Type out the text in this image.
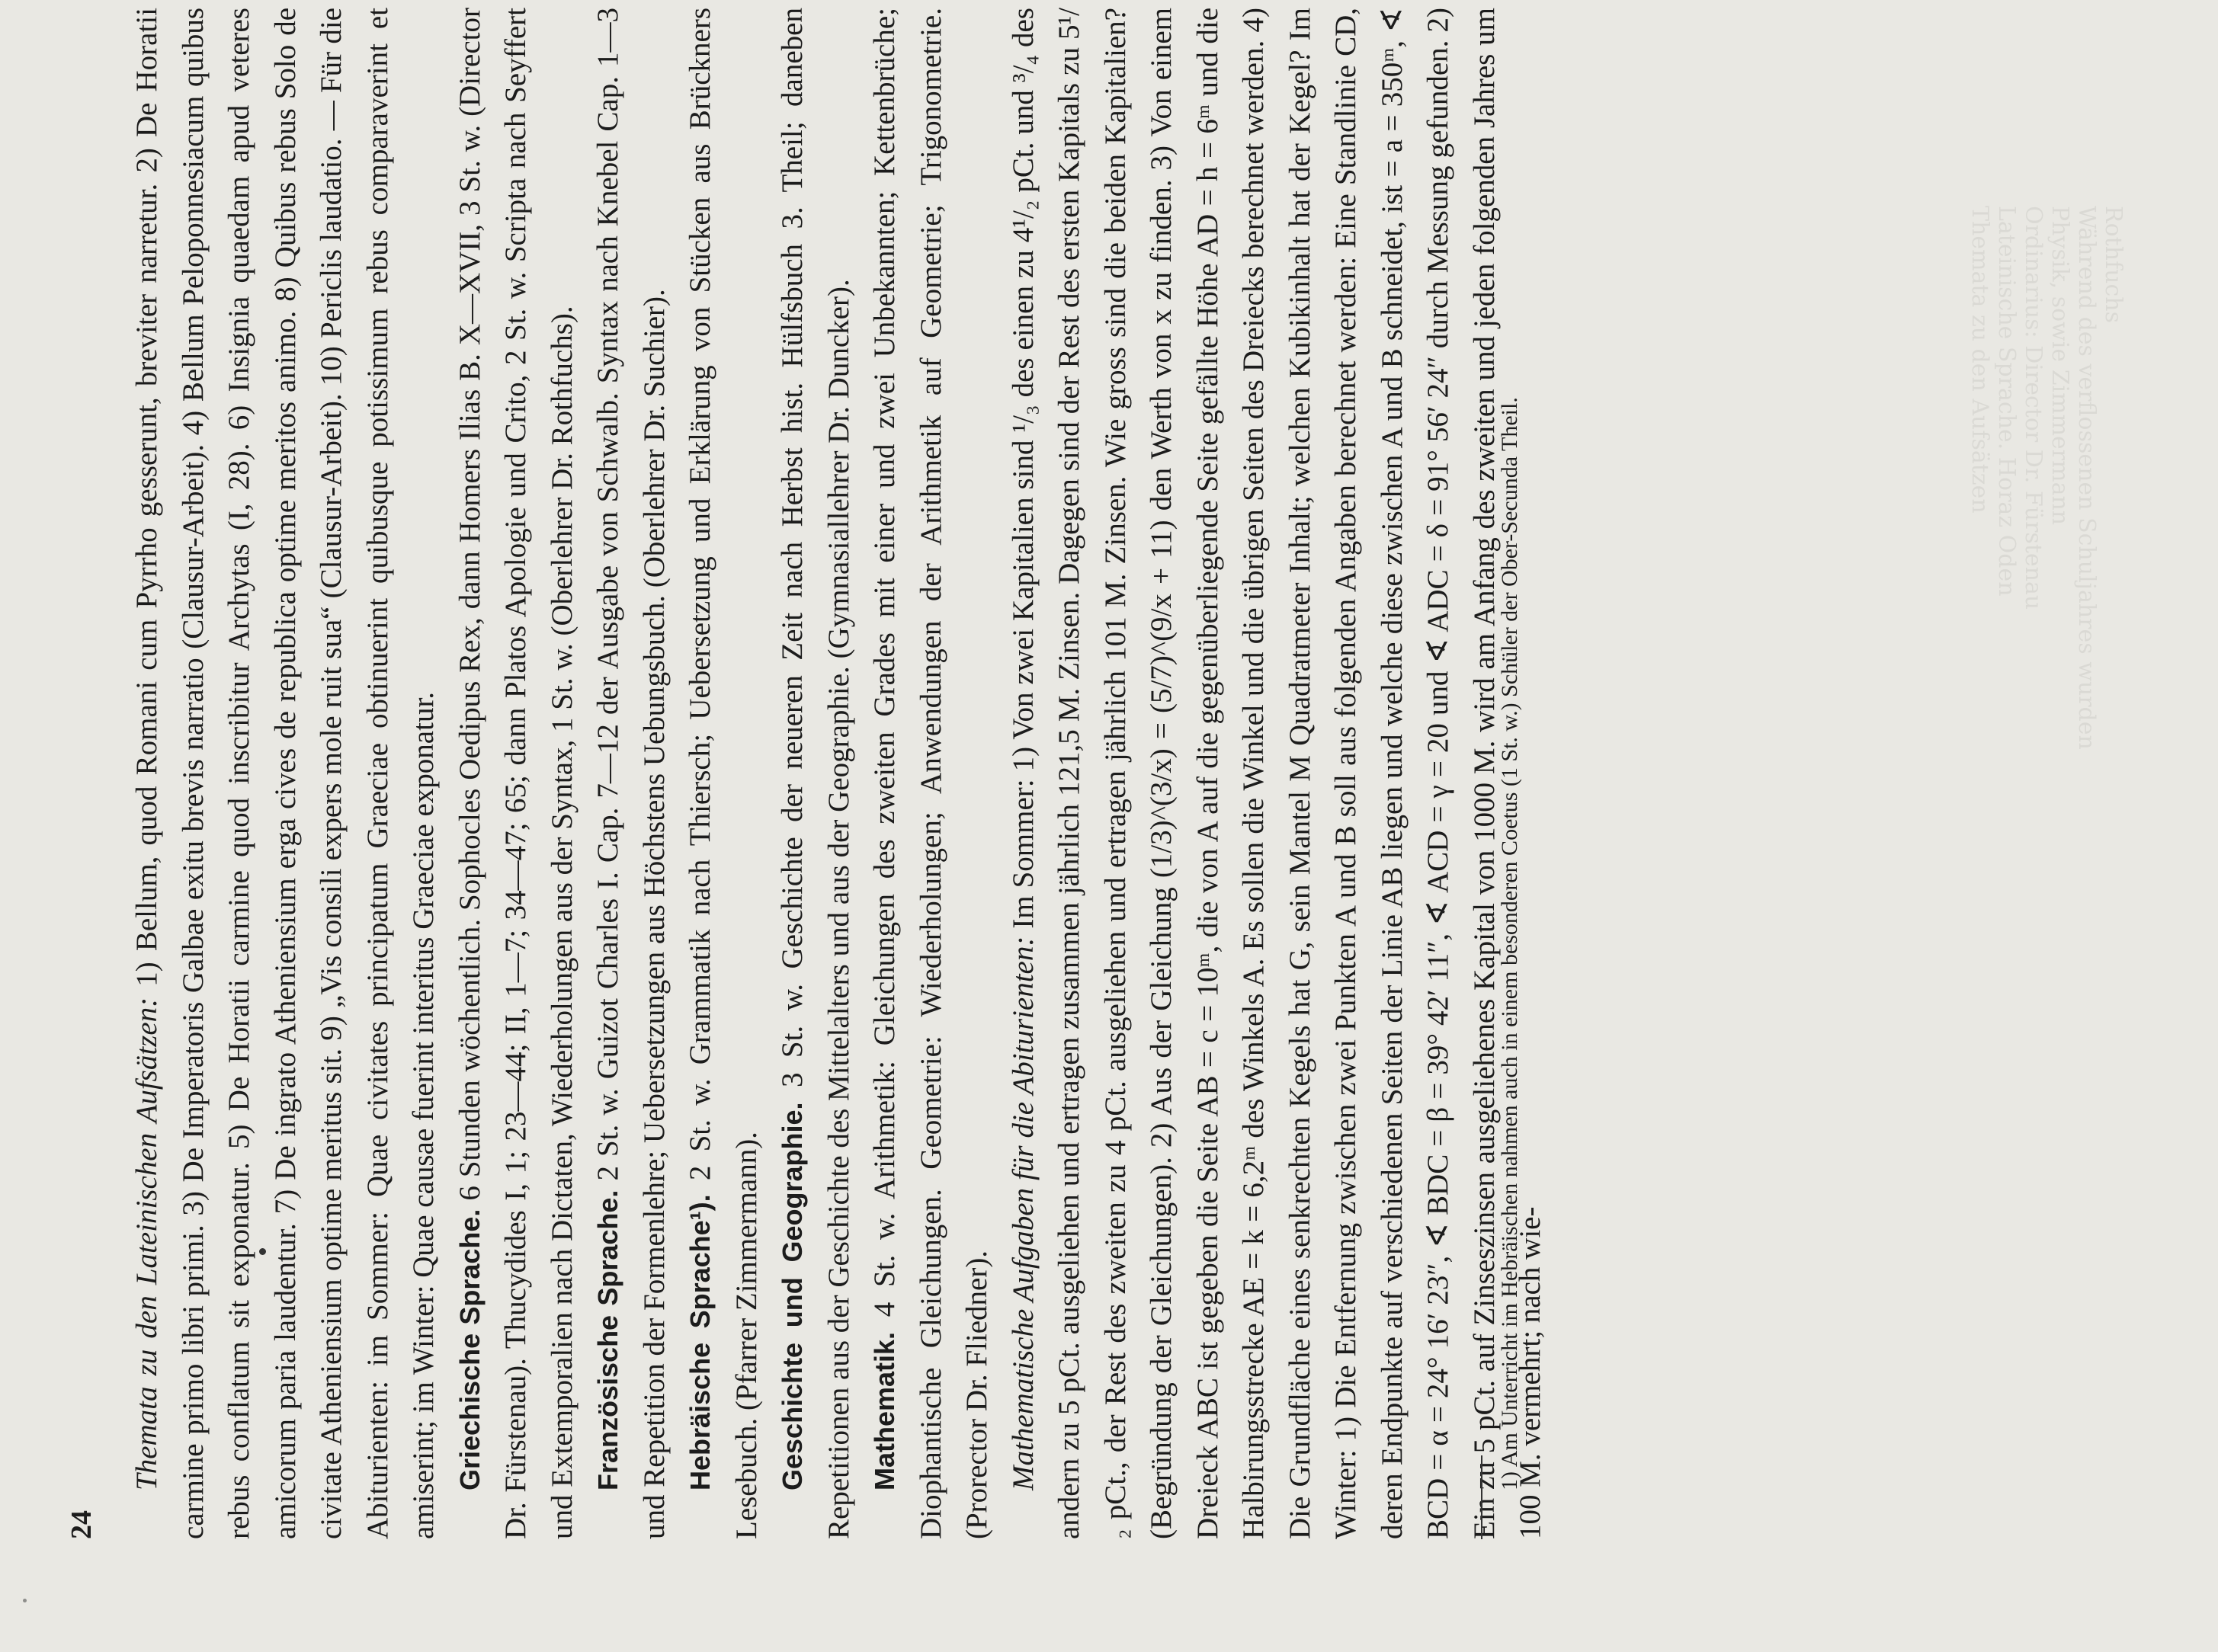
Rothfuchs
Während des verflossenen Schuljahres wurden
Physik, sowie Zimmermann
Ordinarius: Director Dr. Fürstenau
Lateinische Sprache. Horaz Oden
Themata zu den Aufsätzen
24

Themata zu den Lateinischen Aufsätzen: 1) Bellum, quod Romani cum Pyrrho gesserunt, breviter narretur. 2) De Horatii carmine primo libri primi. 3) De Imperatoris Galbae exitu brevis narratio (Clausur-Arbeit). 4) Bellum Peloponnesiacum quibus rebus conflatum sit exponatur. 5) De Horatii carmine quod inscribitur Archytas (I, 28). 6) Insignia quaedam apud veteres amicorum paria laudentur. 7) De ingrato Atheniensium erga cives de republica optime meritos animo. 8) Quibus rebus Solo de civitate Atheniensium optime meritus sit. 9) „Vis consili expers mole ruit sua“ (Clausur-Arbeit). 10) Periclis laudatio. — Für die Abiturienten: im Sommer: Quae civitates principatum Graeciae obtinuerint quibusque potissimum rebus comparaverint et amiserint; im Winter: Quae causae fuerint interitus Graeciae exponatur. Griechische Sprache. 6 Stunden wöchentlich. Sophocles Oedipus Rex, dann Homers Ilias B. X—XVII, 3 St. w. (Director Dr. Fürstenau). Thucydides I, 1; 23—44; II, 1—7; 34—47; 65; dann Platos Apologie und Crito, 2 St. w. Scripta nach Seyffert und Extemporalien nach Dictaten, Wiederholungen aus der Syntax, 1 St. w. (Oberlehrer Dr. Rothfuchs). Französische Sprache. 2 St. w. Guizot Charles I. Cap. 7—12 der Ausgabe von Schwalb. Syntax nach Knebel Cap. 1—3 und Repetition der Formenlehre; Uebersetzungen aus Höchstens Uebungsbuch. (Oberlehrer Dr. Suchier). Hebräische Sprache¹). 2 St. w. Grammatik nach Thiersch; Uebersetzung und Erklärung von Stücken aus Brückners Lesebuch. (Pfarrer Zimmermann). Geschichte und Geographie. 3 St. w. Geschichte der neueren Zeit nach Herbst hist. Hülfsbuch 3. Theil; daneben Repetitionen aus der Geschichte des Mittelalters und aus der Geographie. (Gymnasiallehrer Dr. Duncker). Mathematik. 4 St. w. Arithmetik: Gleichungen des zweiten Grades mit einer und zwei Unbekannten; Kettenbrüche; Diophantische Gleichungen. Geometrie: Wiederholungen; Anwendungen der Arithmetik auf Geometrie; Trigonometrie. (Prorector Dr. Fliedner). Mathematische Aufgaben für die Abiturienten: Im Sommer: 1) Von zwei Kapitalien sind ¹/₃ des einen zu 4¹/₂ pCt. und ³/₄ des andern zu 5 pCt. ausgeliehen und ertragen zusammen jährlich 121,5 M. Zinsen. Dagegen sind der Rest des ersten Kapitals zu 5¹/₂ pCt., der Rest des zweiten zu 4 pCt. ausgeliehen und ertragen jährlich 101 M. Zinsen. Wie gross sind die beiden Kapitalien? (Begründung der Gleichungen). 2) Aus der Gleichung (1/3)^(3/x) = (5/7)^(9/x + 11) den Werth von x zu finden. 3) Von einem Dreieck ABC ist gegeben die Seite AB = c = 10ᵐ, die von A auf die gegenüberliegende Seite gefällte Höhe AD = h = 6ᵐ und die Halbirungsstrecke AE = k = 6,2ᵐ des Winkels A. Es sollen die Winkel und die übrigen Seiten des Dreiecks berechnet werden. 4) Die Grundfläche eines senkrechten Kegels hat G, sein Mantel M Quadratmeter Inhalt; welchen Kubikinhalt hat der Kegel? Im Winter: 1) Die Entfernung zwischen zwei Punkten A und B soll aus folgenden Angaben berechnet werden: Eine Standlinie CD, deren Endpunkte auf verschiedenen Seiten der Linie AB liegen und welche diese zwischen A und B schneidet, ist = a = 350ᵐ, ∢ BCD = α = 24° 16′ 23″, ∢ BDC = β = 39° 42′ 11″, ∢ ACD = γ = 20 und ∢ ADC = δ = 91° 56′ 24″ durch Messung gefunden. 2) Ein zu 5 pCt. auf Zinseszinsen ausgeliehenes Kapital von 1000 M. wird am Anfang des zweiten und jeden folgenden Jahres um 100 M. vermehrt; nach wie-

1) Am Unterricht im Hebräischen nahmen auch in einem besonderen Coetus (1 St. w.) Schüler der Ober-Secunda Theil.
